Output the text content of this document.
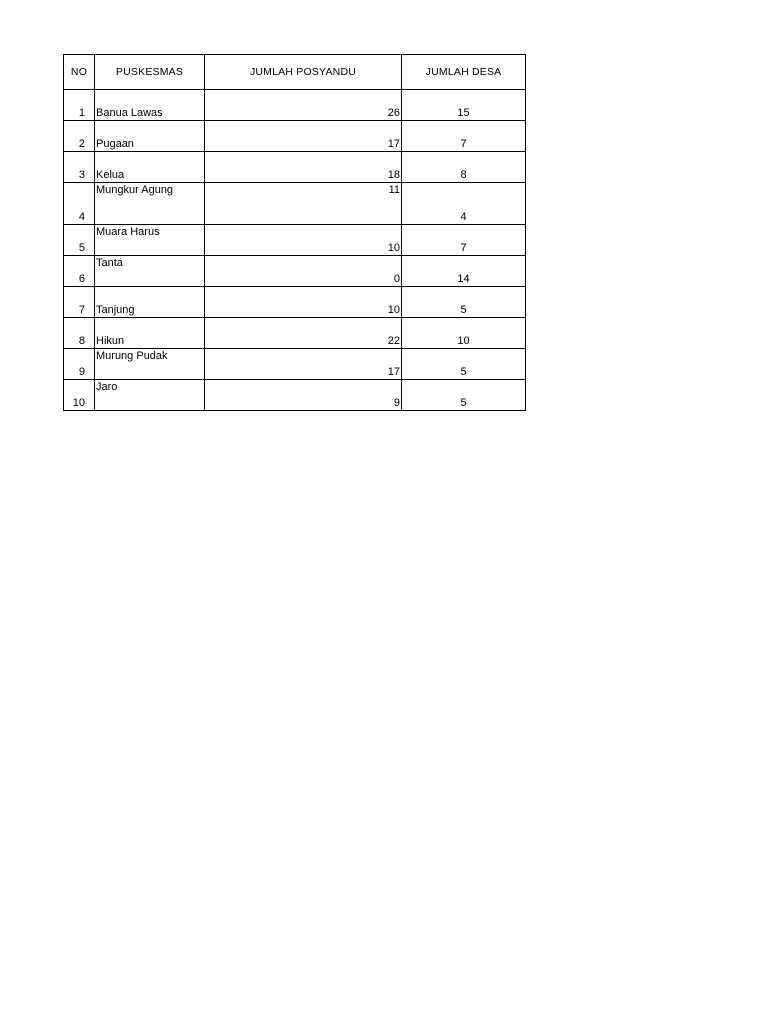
NO	PUSKESMAS	JUMLAH POSYANDU	JUMLAH DESA
1	Banua Lawas	26	15
2	Pugaan	17	7
3	Kelua	18	8
4	Mungkur Agung	11	4
5	Muara Harus	10	7
6	Tanta	0	14
7	Tanjung	10	5
8	Hikun	22	10
9	Murung Pudak	17	5
10	Jaro	9	5
